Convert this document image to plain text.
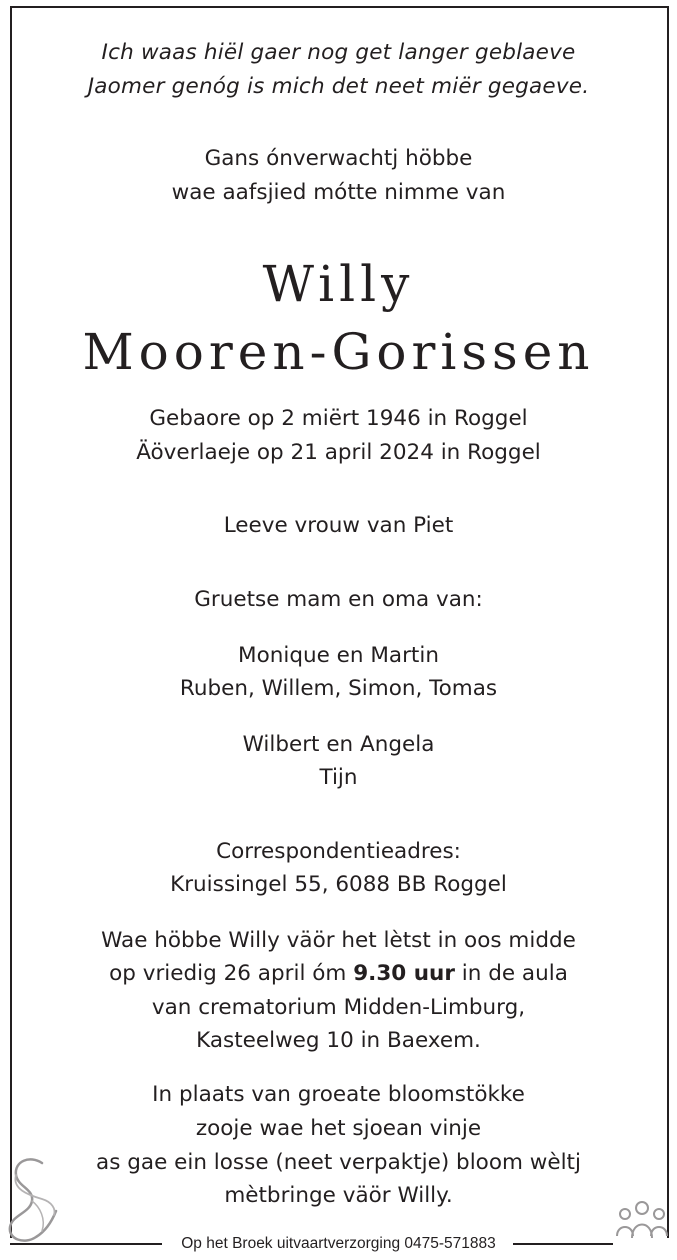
Ich waas hiël gaer nog get langer geblaeve
Jaomer genóg is mich det neet miër gegaeve.
Gans ónverwachtj höbbe
wae aafsjied mótte nimme van
Willy
Mooren-Gorissen
Gebaore op 2 miërt 1946 in Roggel
Äöverlaeje op 21 april 2024 in Roggel
Leeve vrouw van Piet
Gruetse mam en oma van:
Monique en Martin
Ruben, Willem, Simon, Tomas
Wilbert en Angela
Tijn
Correspondentieadres:
Kruissingel 55, 6088 BB Roggel
Wae höbbe Willy väör het lètst in oos midde
op vriedig 26 april óm 9.30 uur in de aula
van crematorium Midden-Limburg,
Kasteelweg 10 in Baexem.
In plaats van groeate bloomstökke
zooje wae het sjoean vinje
as gae ein losse (neet verpaktje) bloom wèltj
mètbringe väör Willy.
Op het Broek uitvaartverzorging 0475-571883
